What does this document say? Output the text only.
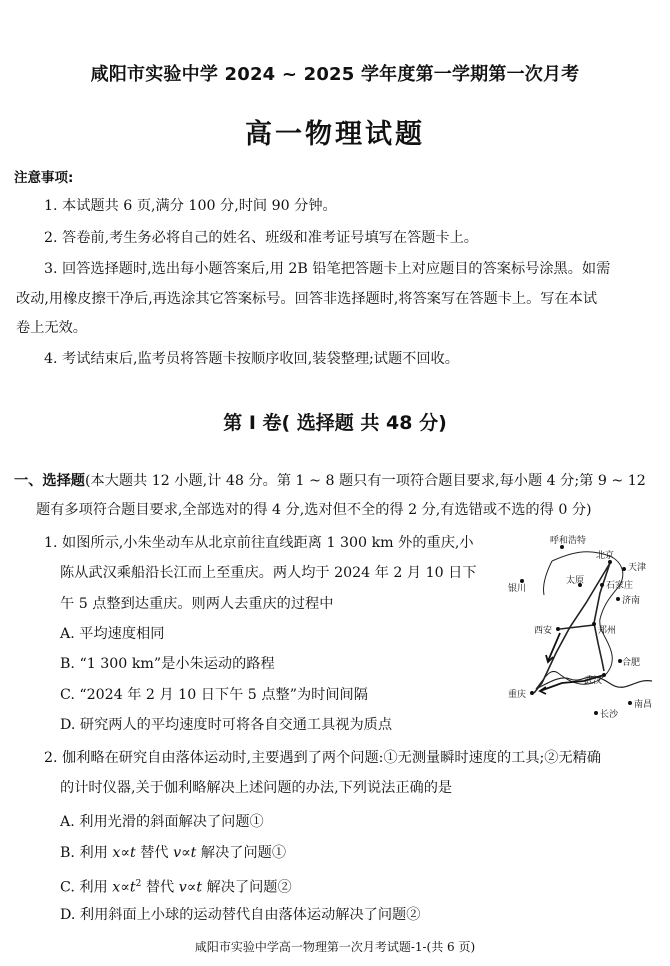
咸阳市实验中学 2024 ~ 2025 学年度第一学期第一次月考
高一物理试题
注意事项:
1. 本试题共 6 页,满分 100 分,时间 90 分钟。
2. 答卷前,考生务必将自己的姓名、班级和准考证号填写在答题卡上。
3. 回答选择题时,选出每小题答案后,用 2B 铅笔把答题卡上对应题目的答案标号涂黑。如需
改动,用橡皮擦干净后,再选涂其它答案标号。回答非选择题时,将答案写在答题卡上。写在本试
卷上无效。
4. 考试结束后,监考员将答题卡按顺序收回,装袋整理;试题不回收。
第 Ⅰ 卷( 选择题 共 48 分)
一、选择题(本大题共 12 小题,计 48 分。第 1 ~ 8 题只有一项符合题目要求,每小题 4 分;第 9 ~ 12
题有多项符合题目要求,全部选对的得 4 分,选对但不全的得 2 分,有选错或不选的得 0 分)
1. 如图所示,小朱坐动车从北京前往直线距离 1 300 km 外的重庆,小
陈从武汉乘船沿长江而上至重庆。两人均于 2024 年 2 月 10 日下
午 5 点整到达重庆。则两人去重庆的过程中
A. 平均速度相同
B. “1 300 km”是小朱运动的路程
C. “2024 年 2 月 10 日下午 5 点整”为时间间隔
D. 研究两人的平均速度时可将各自交通工具视为质点
呼和浩特
北京
天津
银川
太原 石家庄
济南
西安	郑州
合肥
武汉
重庆
南昌
长沙
2. 伽利略在研究自由落体运动时,主要遇到了两个问题:①无测量瞬时速度的工具;②无精确
的计时仪器,关于伽利略解决上述问题的办法,下列说法正确的是
A. 利用光滑的斜面解决了问题①
B. 利用 x∝t 替代 v∝t 解决了问题①
C. 利用 $x\propto t^2$ 替代 v∝t 解决了问题②
D. 利用斜面上小球的运动替代自由落体运动解决了问题②
咸阳市实验中学高一物理第一次月考试题-1-(共 6 页)
